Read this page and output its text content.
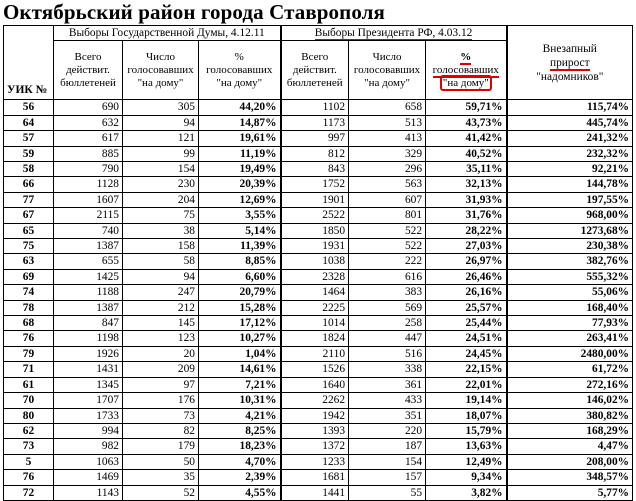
Октябрьский район города Ставрополя
УИК №	Выборы Государственной Думы, 4.12.11			Выборы Президента РФ, 4.03.12			Внезапный
прирост
"надомников"

	Всего действит. бюллетеней	Число голосовавших "на дому"	% голосовавших "на дому"	Всего действит. бюллетеней	Число голосовавших "на дому"	%
голосовавших
"на дому"	

56	690	305	44,20%	1102	658	59,71%	115,74%
64	632	94	14,87%	1173	513	43,73%	445,74%
57	617	121	19,61%	997	413	41,42%	241,32%
59	885	99	11,19%	812	329	40,52%	232,32%
58	790	154	19,49%	843	296	35,11%	92,21%
66	1128	230	20,39%	1752	563	32,13%	144,78%
77	1607	204	12,69%	1901	607	31,93%	197,55%
67	2115	75	3,55%	2522	801	31,76%	968,00%
65	740	38	5,14%	1850	522	28,22%	1273,68%
75	1387	158	11,39%	1931	522	27,03%	230,38%
63	655	58	8,85%	1038	222	26,97%	382,76%
69	1425	94	6,60%	2328	616	26,46%	555,32%
74	1188	247	20,79%	1464	383	26,16%	55,06%
78	1387	212	15,28%	2225	569	25,57%	168,40%
68	847	145	17,12%	1014	258	25,44%	77,93%
76	1198	123	10,27%	1824	447	24,51%	263,41%
79	1926	20	1,04%	2110	516	24,45%	2480,00%
71	1431	209	14,61%	1526	338	22,15%	61,72%
61	1345	97	7,21%	1640	361	22,01%	272,16%
70	1707	176	10,31%	2262	433	19,14%	146,02%
80	1733	73	4,21%	1942	351	18,07%	380,82%
62	994	82	8,25%	1393	220	15,79%	168,29%
73	982	179	18,23%	1372	187	13,63%	4,47%
5	1063	50	4,70%	1233	154	12,49%	208,00%
76	1469	35	2,39%	1681	157	9,34%	348,57%
72	1143	52	4,55%	1441	55	3,82%	5,77%
